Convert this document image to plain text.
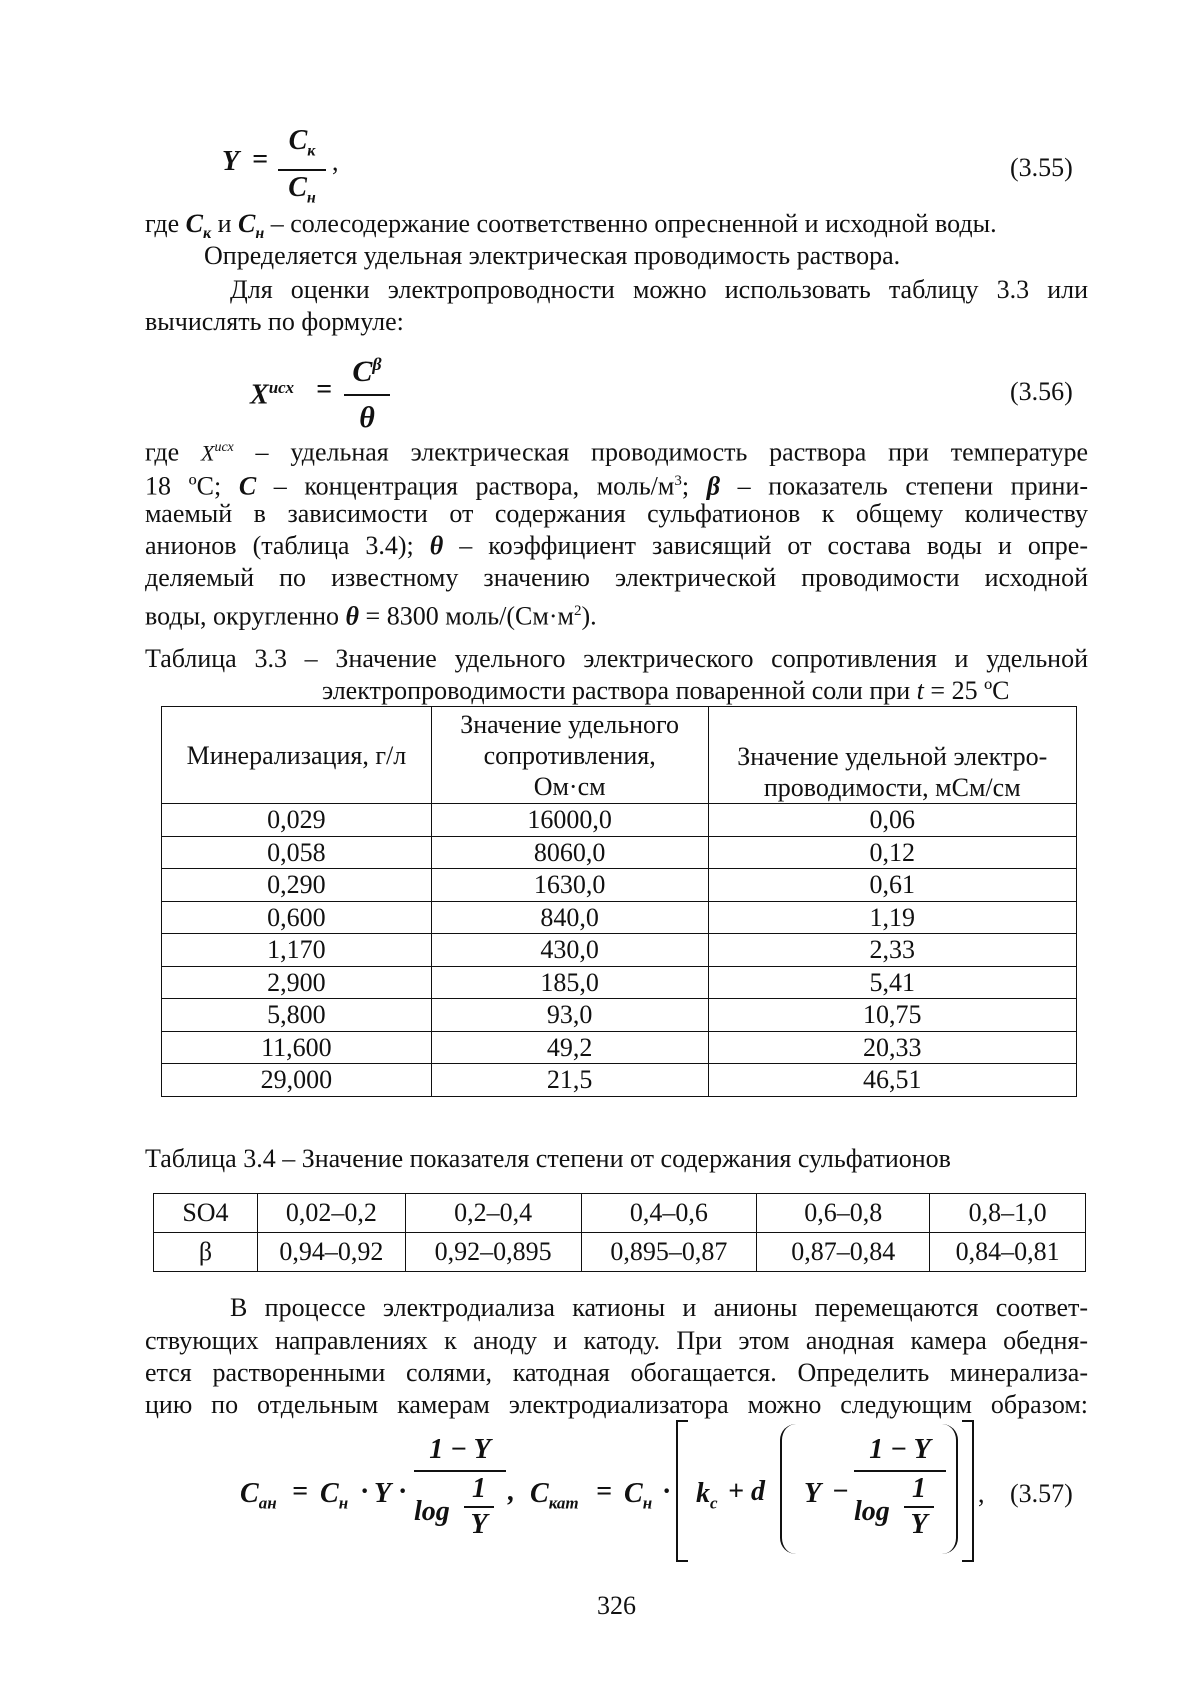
Y =
$C_к$
$C_н$
,	(3.55)
где $C_к$ и $C_н$ – солесодержание соответственно опресненной и исходной воды.
Определяется удельная электрическая проводимость раствора.
Для оценки электропроводности можно использовать таблицу 3.3 или
вычислять по формуле:
$X^{исх} = \frac{C^\beta}{\theta}$	(3.56)
где $X^{исх}$ – удельная электрическая проводимость раствора при температуре
18 ºС; C – концентрация раствора, моль/$м^3$; β – показатель степени прини-
маемый в зависимости от содержания сульфатионов к общему количеству
анионов (таблица 3.4); θ – коэффициент зависящий от состава воды и опре-
деляемый по известному значению электрической проводимости исходной
воды, округленно θ = 8300 моль/$(См\cdot м^2)$.
Таблица 3.3 – Значение удельного электрического сопротивления и удельной
электропроводимости раствора поваренной соли при t = 25 ºС
Минерализация, г/л	Значение удельного
сопротивления,
Ом·см	Значение удельной электро-
проводимости, мСм/см

0,029	16000,0	0,06
0,058	8060,0	0,12
0,290	1630,0	0,61
0,600	840,0	1,19
1,170	430,0	2,33
2,900	185,0	5,41
5,800	93,0	10,75
11,600	49,2	20,33
29,000	21,5	46,51
Таблица 3.4 – Значение показателя степени от содержания сульфатионов
SO4	0,02–0,2	0,2–0,4	0,4–0,6	0,6–0,8	0,8–1,0
β	0,94–0,92	0,92–0,895	0,895–0,87	0,87–0,84	0,84–0,81
В процессе электродиализа катионы и анионы перемещаются соответ-
ствующих направлениях к аноду и катоду. При этом анодная камера обедня-
ется растворенными солями, катодная обогащается. Определить минерализа-
цию по отдельным камерам электродиализатора можно следующим образом:
$C_{ан} = C_н \cdot Y \cdot 1 - Y$
log
1
Y , $C_{кат} = C_н \cdot k_с + d$ Y − 1 − Y
log
1
Y , (3.57)
326
